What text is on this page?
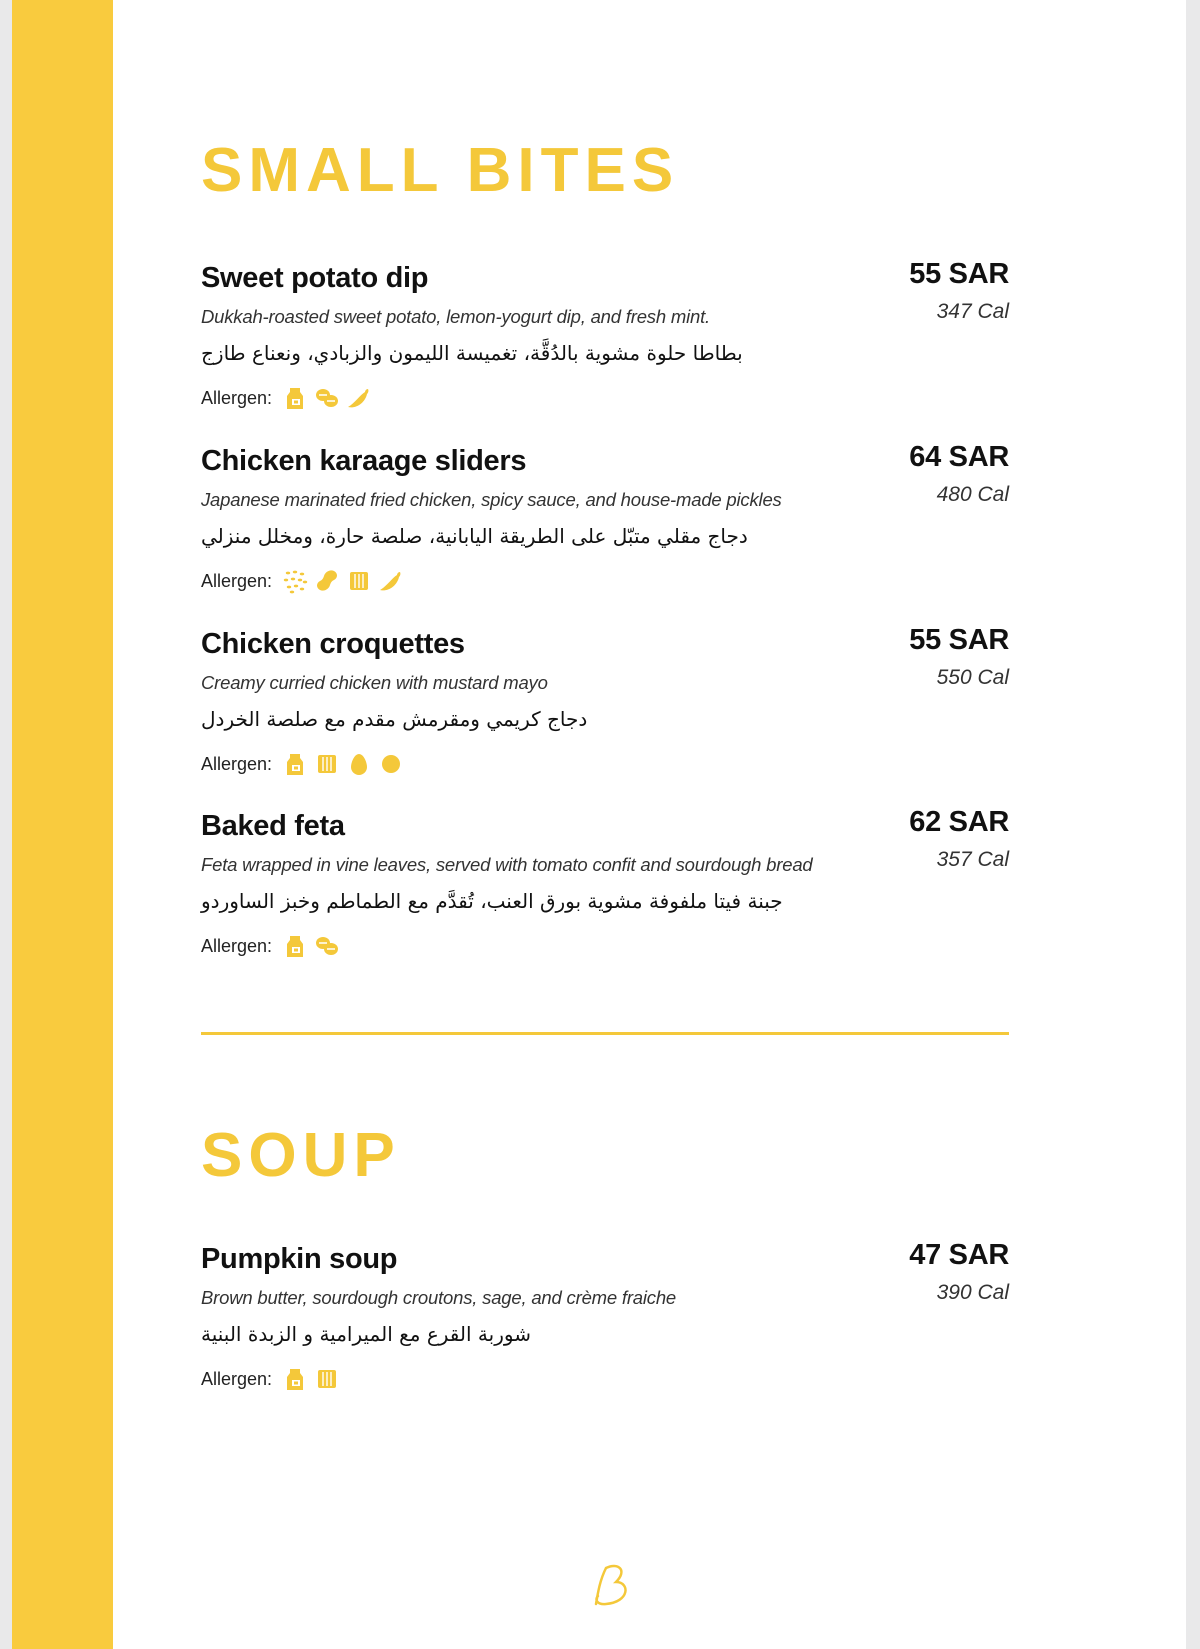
SMALL BITES
Sweet potato dip	55 SAR
347 Cal
Dukkah-roasted sweet potato, lemon-yogurt dip, and fresh mint.
بطاطا حلوة مشوية بالدُقَّة، تغميسة الليمون والزبادي، ونعناع طازج
Allergen:
Chicken karaage sliders	64 SAR
480 Cal
Japanese marinated fried chicken, spicy sauce, and house-made pickles
دجاج مقلي متبّل على الطريقة اليابانية، صلصة حارة، ومخلل منزلي
Allergen:
Chicken croquettes	55 SAR
550 Cal
Creamy curried chicken with mustard mayo
دجاج كريمي ومقرمش مقدم مع صلصة الخردل
Allergen:
Baked feta	62 SAR
357 Cal
Feta wrapped in vine leaves, served with tomato confit and sourdough bread
جبنة فيتا ملفوفة مشوية بورق العنب، تُقدَّم مع الطماطم وخبز الساوردو
Allergen:
SOUP
Pumpkin soup	47 SAR
390 Cal
Brown butter, sourdough croutons, sage, and crème fraiche
شوربة القرع مع الميرامية و الزبدة البنية
Allergen:
